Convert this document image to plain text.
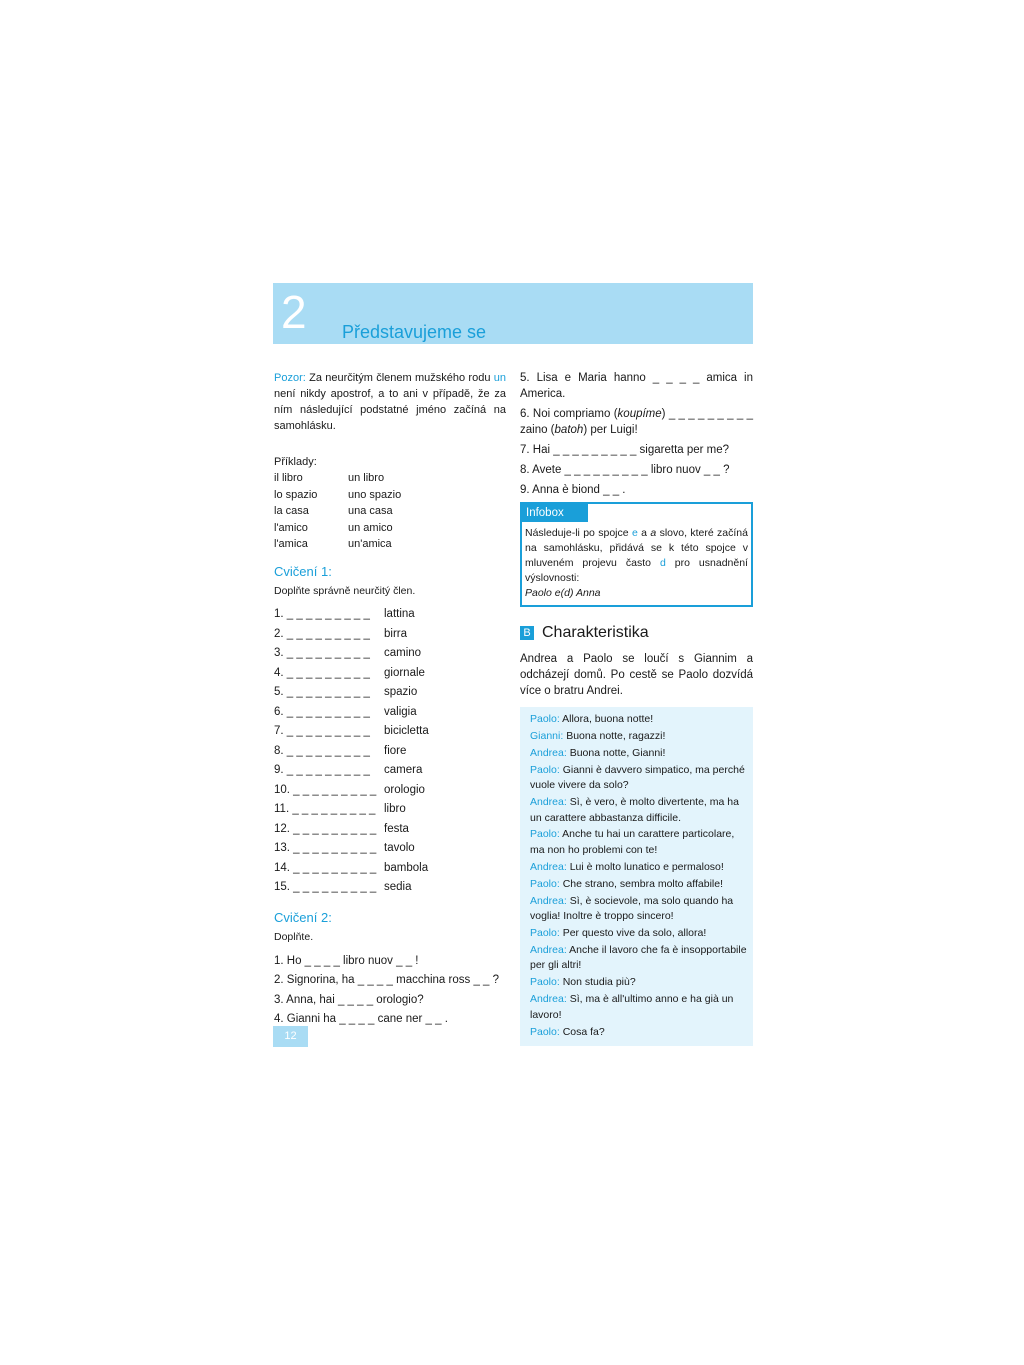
2 Představujeme se
Pozor: Za neurčitým členem mužského rodu un není nikdy apostrof, a to ani v případě, že za ním následující podstatné jméno začíná na samohlásku.
Příklady:
il libro	un libro
lo spazio	uno spazio
la casa	una casa
l'amico	un amico
l'amica	un'amica
Cvičení 1:
Doplňte správně neurčitý člen.
1. _ _ _ _ _ _ _ _ _	lattina
2. _ _ _ _ _ _ _ _ _	birra
3. _ _ _ _ _ _ _ _ _	camino
4. _ _ _ _ _ _ _ _ _	giornale
5. _ _ _ _ _ _ _ _ _	spazio
6. _ _ _ _ _ _ _ _ _	valigia
7. _ _ _ _ _ _ _ _ _	bicicletta
8. _ _ _ _ _ _ _ _ _	fiore
9. _ _ _ _ _ _ _ _ _	camera
10. _ _ _ _ _ _ _ _ _ orologio
11. _ _ _ _ _ _ _ _ _ libro
12. _ _ _ _ _ _ _ _ _ festa
13. _ _ _ _ _ _ _ _ _ tavolo
14. _ _ _ _ _ _ _ _ _ bambola
15. _ _ _ _ _ _ _ _ _ sedia
Cvičení 2:
Doplňte.
1. Ho _ _ _ _ libro nuov _ _ !
2. Signorina, ha _ _ _ _ macchina ross _ _ ?
3. Anna, hai _ _ _ _ orologio?
4. Gianni ha _ _ _ _ cane ner _ _ .
5. Lisa e Maria hanno _ _ _ _ amica in America.
6. Noi compriamo (koupíme) _ _ _ _ _ _ _ _ _ zaino (batoh) per Luigi!
7. Hai _ _ _ _ _ _ _ _ _ sigaretta per me?
8. Avete _ _ _ _ _ _ _ _ _ libro nuov _ _ ?
9. Anna è biond _ _ .
Infobox
Následuje-li po spojce e a a slovo, které začíná na samohlásku, přidává se k této spojce v mluveném projevu často d pro usnadnění výslovnosti:
Paolo e(d) Anna
B Charakteristika
Andrea a Paolo se loučí s Giannim a odcházejí domů. Po cestě se Paolo dozvídá více o bratru Andrei.
Paolo: Allora, buona notte!
Gianni: Buona notte, ragazzi!
Andrea: Buona notte, Gianni!
Paolo: Gianni è davvero simpatico, ma perché vuole vivere da solo?
Andrea: Sì, è vero, è molto divertente, ma ha un carattere abbastanza difficile.
Paolo: Anche tu hai un carattere particolare, ma non ho problemi con te!
Andrea: Lui è molto lunatico e permaloso!
Paolo: Che strano, sembra molto affabile!
Andrea: Sì, è socievole, ma solo quando ha voglia! Inoltre è troppo sincero!
Paolo: Per questo vive da solo, allora!
Andrea: Anche il lavoro che fa è insopportabile per gli altri!
Paolo: Non studia più?
Andrea: Sì, ma è all'ultimo anno e ha già un lavoro!
Paolo: Cosa fa?
12
